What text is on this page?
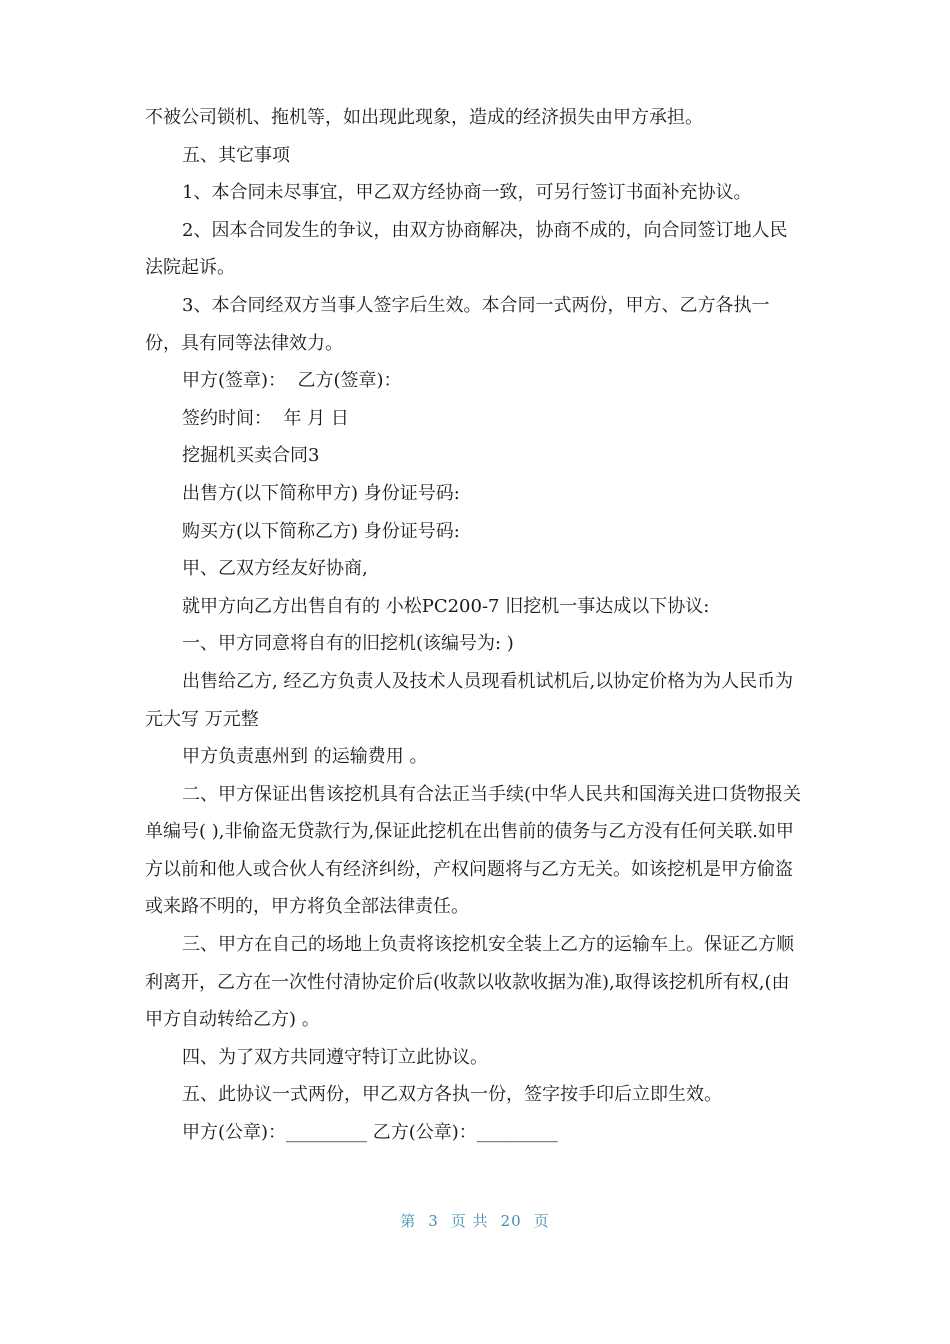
不被公司锁机、拖机等，如出现此现象，造成的经济损失由甲方承担。

五、其它事项

1、本合同未尽事宜，甲乙双方经协商一致，可另行签订书面补充协议。

2、因本合同发生的争议，由双方协商解决，协商不成的，向合同签订地人民法院起诉。

3、本合同经双方当事人签字后生效。本合同一式两份，甲方、乙方各执一份，具有同等法律效力。

甲方(签章)：  乙方(签章)：

签约时间：  年 月 日

挖掘机买卖合同3

出售方(以下简称甲方) 身份证号码:

购买方(以下简称乙方) 身份证号码:

甲、乙双方经友好协商,

就甲方向乙方出售自有的 小松PC200-7 旧挖机一事达成以下协议:

一、甲方同意将自有的旧挖机(该编号为: )

出售给乙方, 经乙方负责人及技术人员现看机试机后,以协定价格为为人民币为 元大写 万元整

甲方负责惠州到 的运输费用 。

二、甲方保证出售该挖机具有合法正当手续(中华人民共和国海关进口货物报关单编号( ),非偷盗无贷款行为,保证此挖机在出售前的债务与乙方没有任何关联.如甲方以前和他人或合伙人有经济纠纷，产权问题将与乙方无关。如该挖机是甲方偷盗或来路不明的，甲方将负全部法律责任。

三、甲方在自己的场地上负责将该挖机安全装上乙方的运输车上。保证乙方顺利离开，乙方在一次性付清协定价后(收款以收款收据为准),取得该挖机所有权,(由甲方自动转给乙方) 。

四、为了双方共同遵守特订立此协议。

五、此协议一式两份，甲乙双方各执一份，签字按手印后立即生效。

甲方(公章)：_________ 乙方(公章)：_________

第 3 页 共 20 页
